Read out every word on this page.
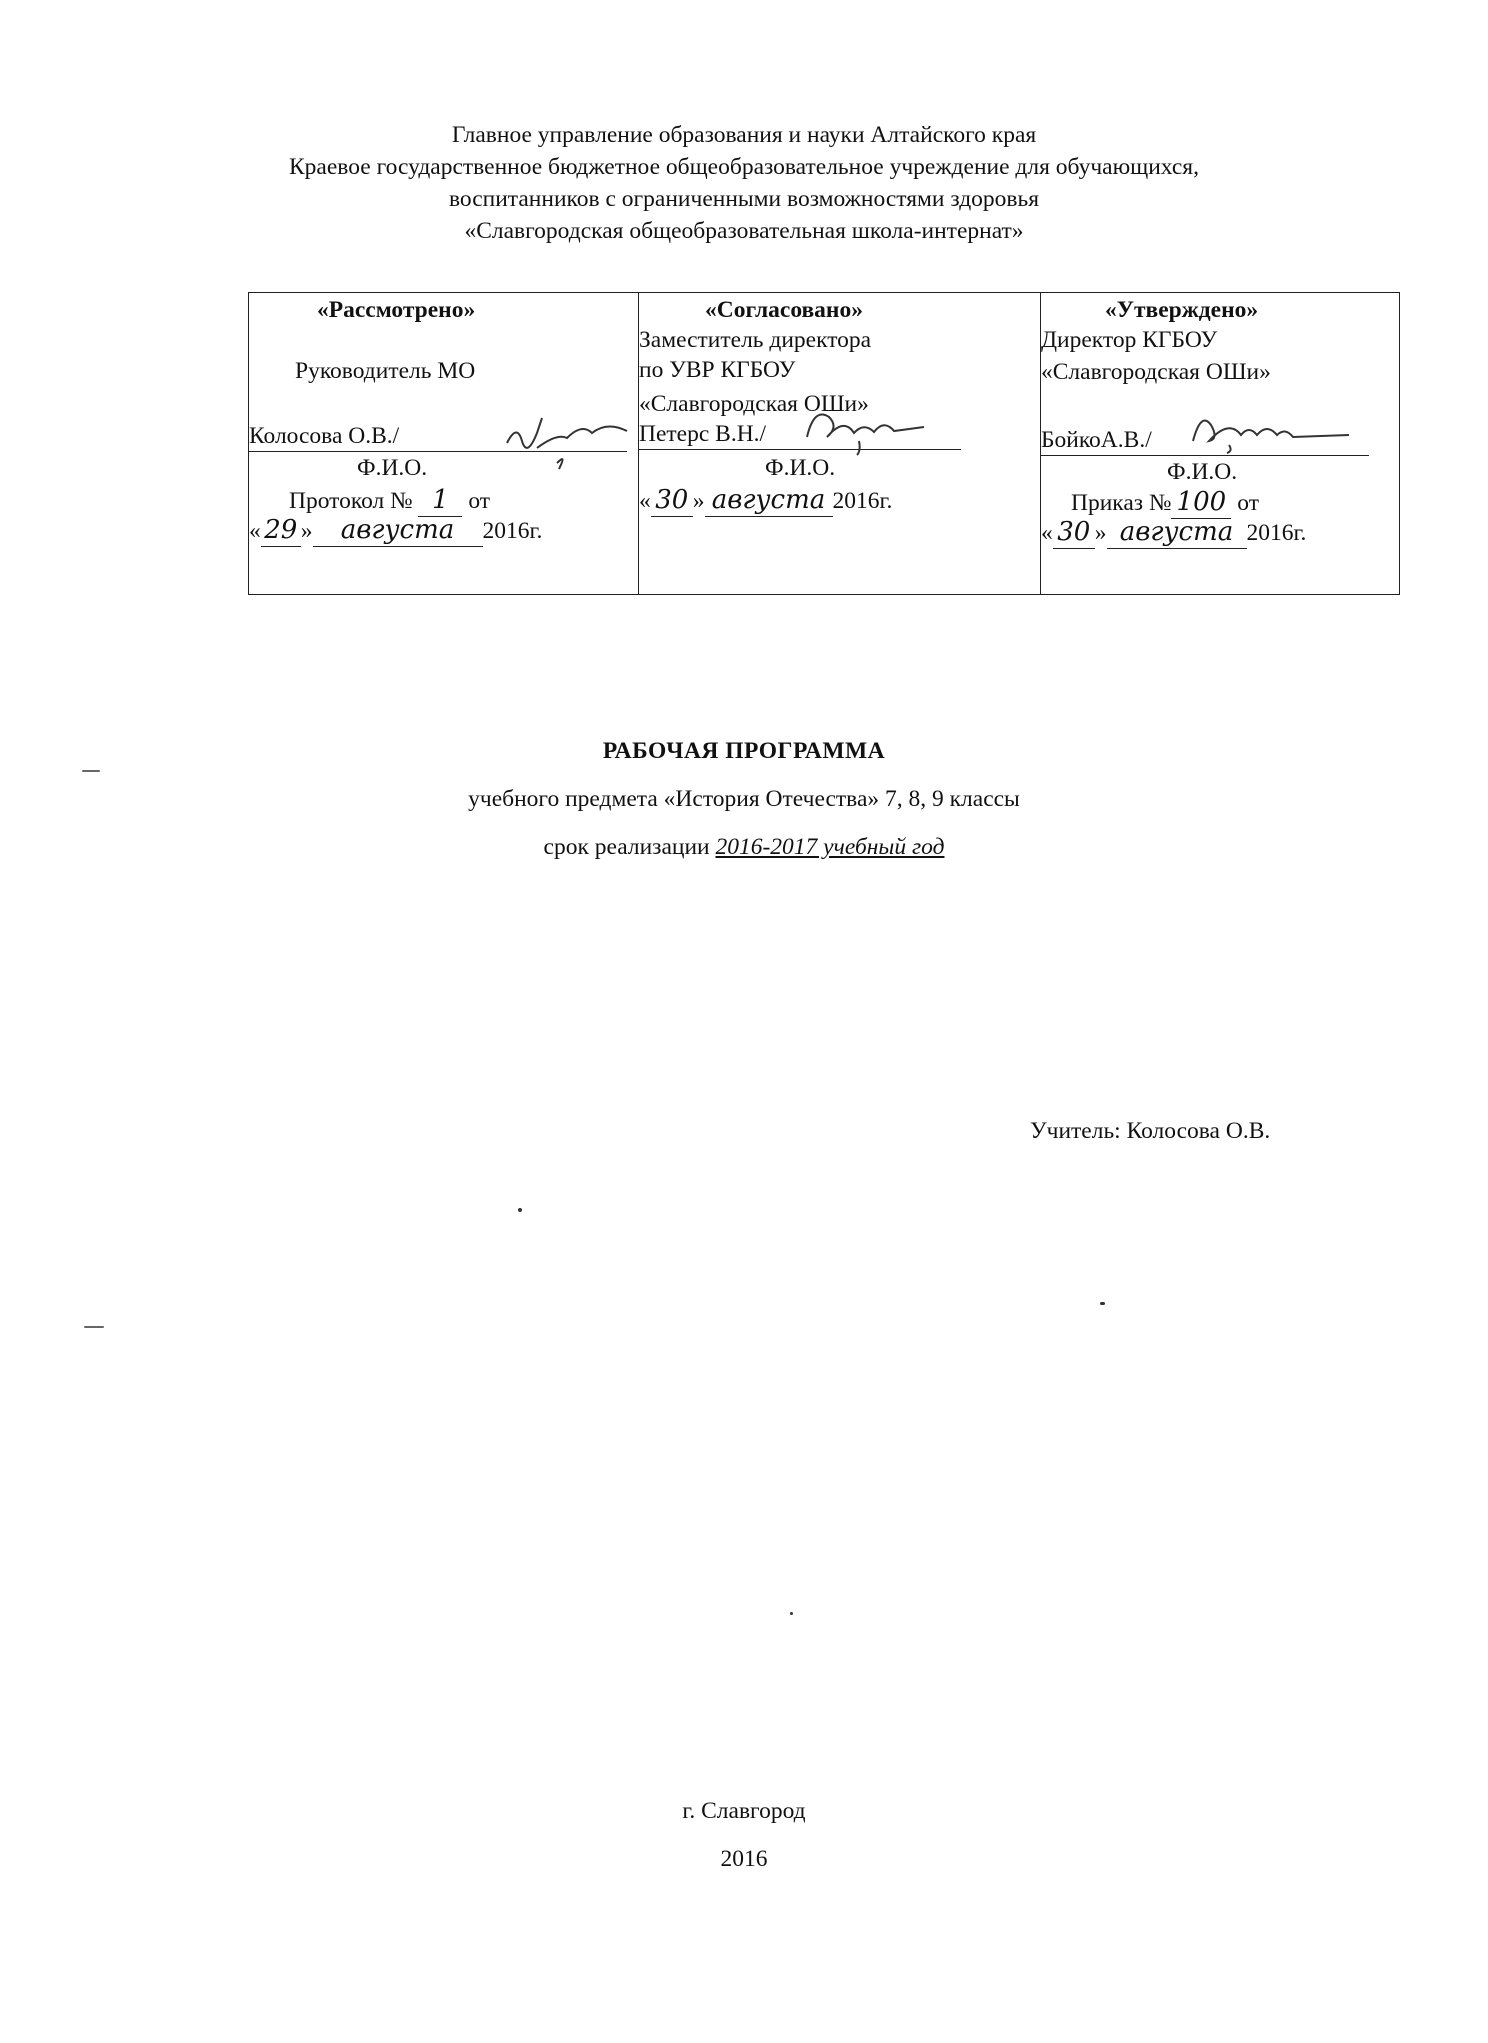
Главное управление образования и науки Алтайского края
Краевое государственное бюджетное общеобразовательное учреждение для обучающихся,
воспитанников с ограниченными возможностями здоровья
«Славгородская общеобразовательная школа-интернат»
«Рассмотрено»
Руководитель МО
Колосова О.В./
Ф.И.О.
Протокол № 1 от
« 29 » августа 2016г.

«Согласовано»
Заместитель директора
по УВР КГБОУ
«Славгородская ОШи»
Петерс В.Н./
Ф.И.О.
« 30 » августа 2016г.

«Утверждено»
Директор КГБОУ
«Славгородская ОШи»
БойкоА.В./
Ф.И.О.
Приказ № 100 от
« 30 » августа 2016г.
РАБОЧАЯ ПРОГРАММА
учебного предмета «История Отечества» 7, 8, 9 классы
срок реализации 2016-2017 учебный год
Учитель: Колосова О.В.
г. Славгород
2016
